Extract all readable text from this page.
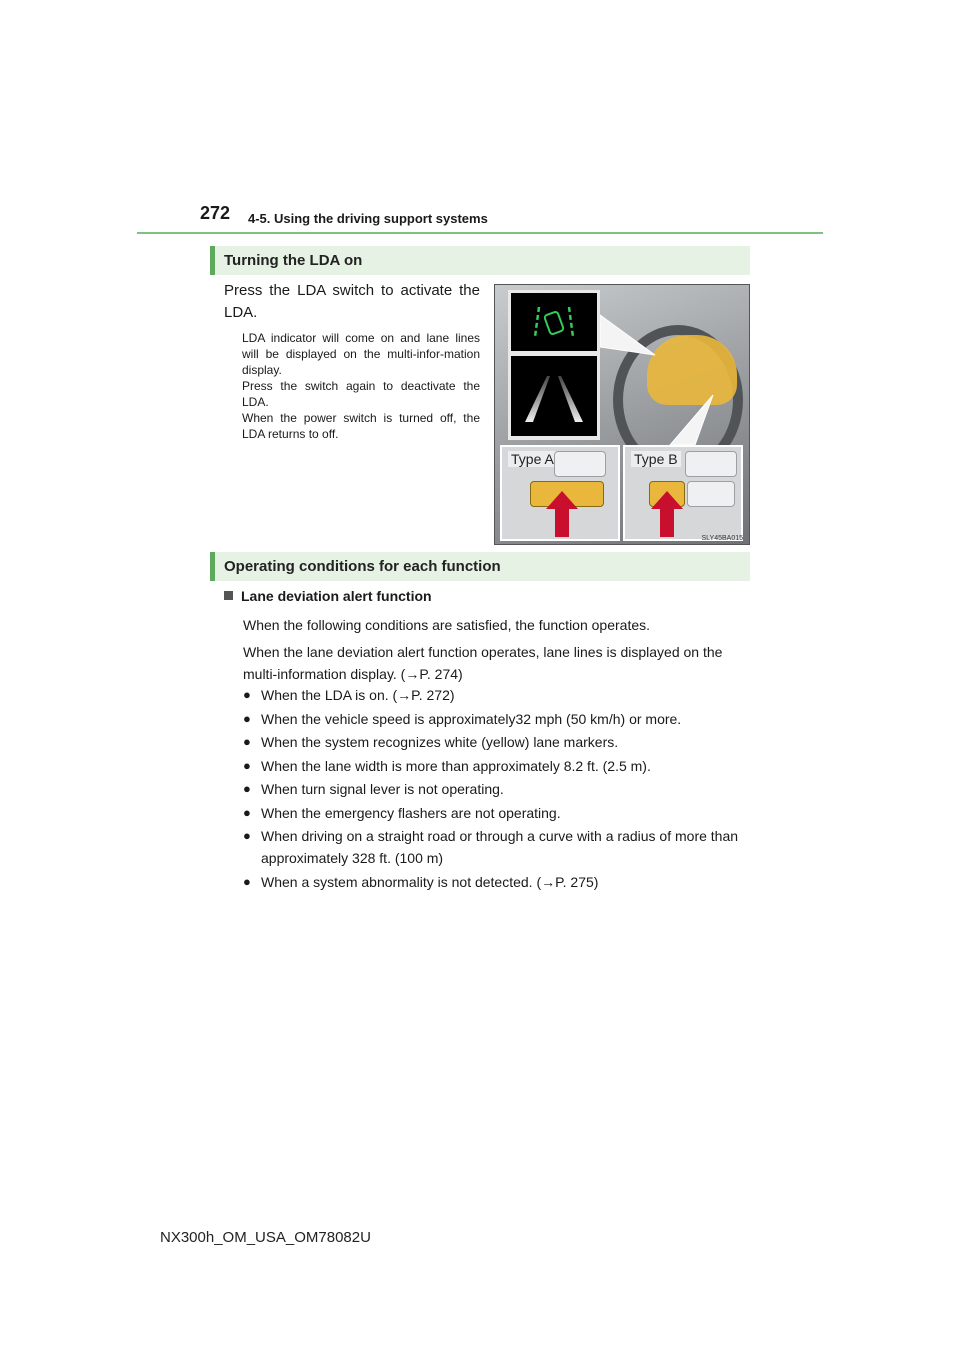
272 4-5. Using the driving support systems
Turning the LDA on
Press the LDA switch to activate the LDA.

LDA indicator will come on and lane lines will be displayed on the multi-infor-mation display.

Press the switch again to deactivate the LDA.

When the power switch is turned off, the LDA returns to off.

Type A	Type B
SLY45BA015
Operating conditions for each function
Lane deviation alert function
When the following conditions are satisfied, the function operates.
When the lane deviation alert function operates, lane lines is displayed on the multi-information display. (→P. 274)
● When the LDA is on. (→P. 272)
● When the vehicle speed is approximately32 mph (50 km/h) or more.
● When the system recognizes white (yellow) lane markers.
● When the lane width is more than approximately 8.2 ft. (2.5 m).
● When turn signal lever is not operating.
● When the emergency flashers are not operating.
● When driving on a straight road or through a curve with a radius of more than approximately 328 ft. (100 m)
● When a system abnormality is not detected. (→P. 275)
NX300h_OM_USA_OM78082U
